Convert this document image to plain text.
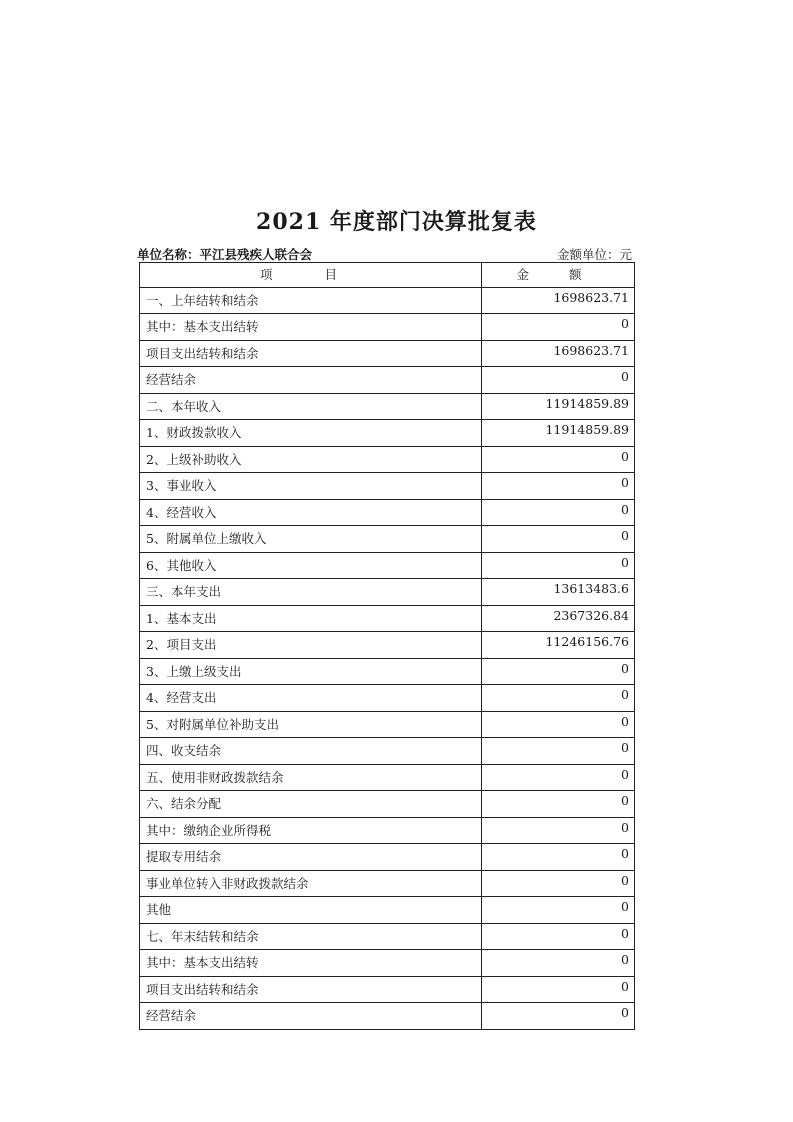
2021 年度部门决算批复表
单位名称：平江县残疾人联合会	金额单位：元
项 目	金 额
一、上年结转和结余	1698623.71
其中：基本支出结转	0
项目支出结转和结余	1698623.71
经营结余	0
二、本年收入	11914859.89
1、财政拨款收入	11914859.89
2、上级补助收入	0
3、事业收入	0
4、经营收入	0
5、附属单位上缴收入	0
6、其他收入	0
三、本年支出	13613483.6
1、基本支出	2367326.84
2、项目支出	11246156.76
3、上缴上级支出	0
4、经营支出	0
5、对附属单位补助支出	0
四、收支结余	0
五、使用非财政拨款结余	0
六、结余分配	0
其中：缴纳企业所得税	0
提取专用结余	0
事业单位转入非财政拨款结余	0
其他	0
七、年末结转和结余	0
其中：基本支出结转	0
项目支出结转和结余	0
经营结余	0
